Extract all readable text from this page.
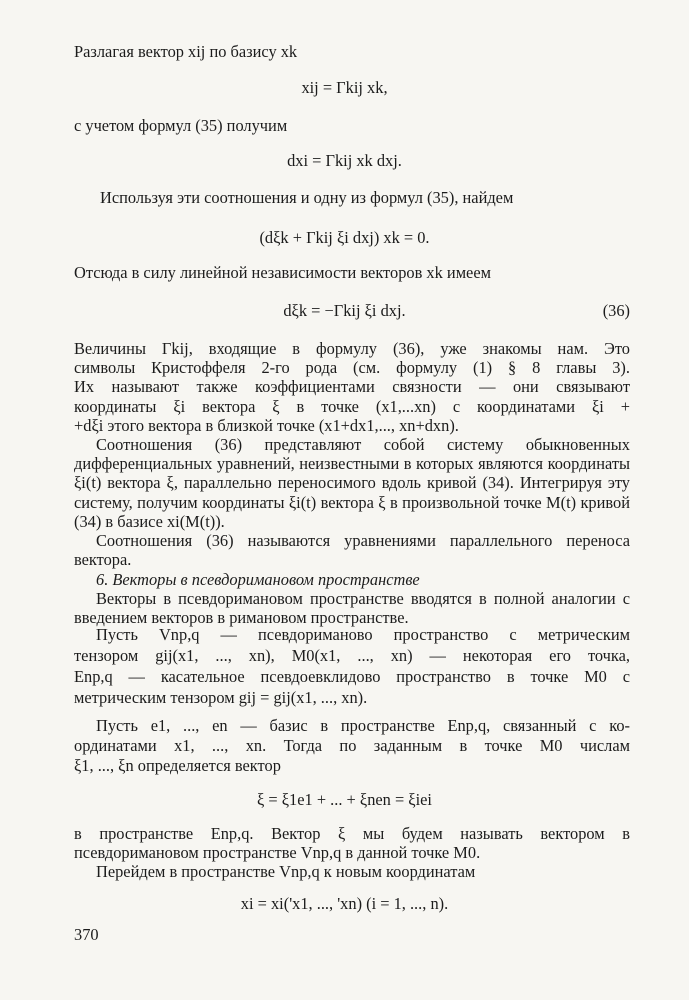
Разлагая вектор xij по базису xk

xij = Γkij xk,

с учетом формул (35) получим

dxi = Γkij xk dxj.

Используя эти соотношения и одну из формул (35), найдем

(dξk + Γkij ξi dxj) xk = 0.

Отсюда в силу линейной независимости векторов xk имеем

dξk = −Γkij ξi dxj.	(36)
Величины Γkij, входящие в формулу (36), уже знакомы нам. Это
символы Кристоффеля 2-го рода (см. формулу (1) § 8 главы 3).
Их называют также коэффициентами связности — они связывают
координаты ξi вектора ξ в точке (x1,...xn) с координатами ξi +
+dξi этого вектора в близкой точке (x1+dx1,..., xn+dxn).

Соотношения (36) представляют собой систему обыкновенных дифференциальных уравнений, неизвестными в которых являются координаты ξi(t) вектора ξ, параллельно переносимого вдоль кривой (34). Интегрируя эту систему, получим координаты ξi(t) вектора ξ в произвольной точке M(t) кривой (34) в базисе xi(M(t)).

Соотношения (36) называются уравнениями параллельного переноса вектора.

6. Векторы в псевдоримановом пространстве

Векторы в псевдоримановом пространстве вводятся в полной аналогии с введением векторов в римановом пространстве.

Пусть Vnp,q — псевдориманово пространство с метрическим
тензором gij(x1, ..., xn), M0(x1, ..., xn) — некоторая его точка,
Enp,q — касательное псевдоевклидово пространство в точке M0 с
метрическим тензором gij = gij(x1, ..., xn).
Пусть e1, ..., en — базис в пространстве Enp,q, связанный с ко-
ординатами x1, ..., xn. Тогда по заданным в точке M0 числам
ξ1, ..., ξn определяется вектор

ξ = ξ1e1 + ... + ξnen = ξiei

в пространстве Enp,q. Вектор ξ мы будем называть вектором в
псевдоримановом пространстве Vnp,q в данной точке M0.

Перейдем в пространстве Vnp,q к новым координатам

xi = xi('x1, ..., 'xn) (i = 1, ..., n).

370
